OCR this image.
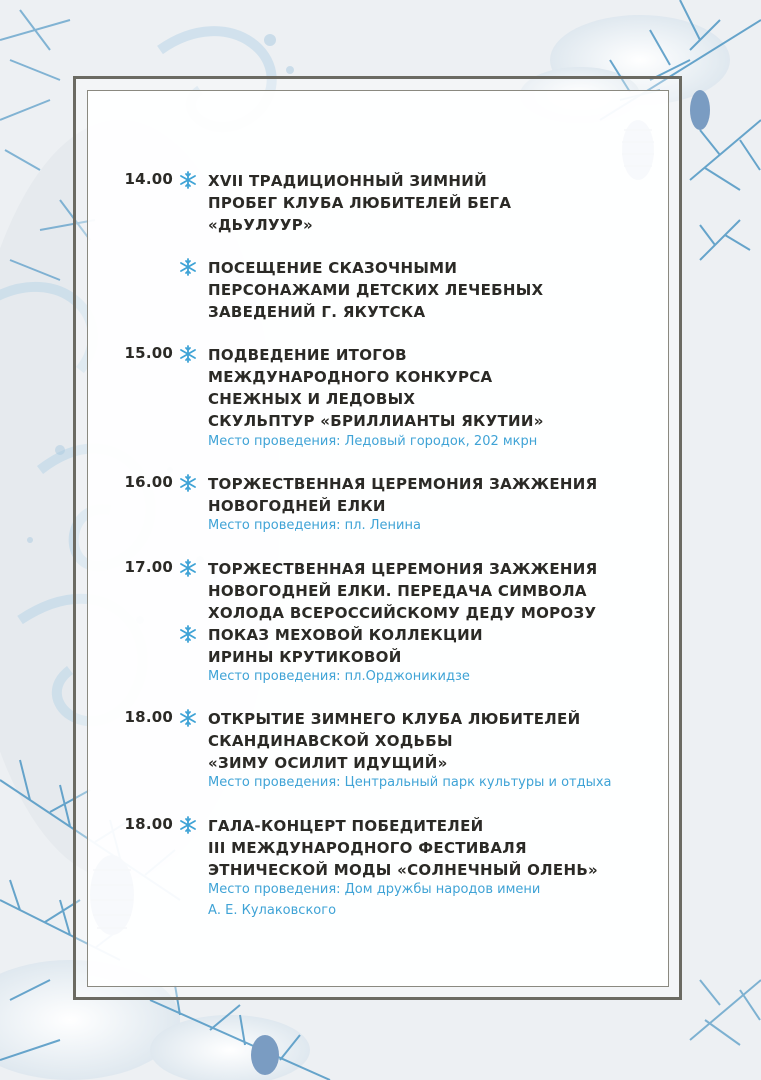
14.00 XVII ТРАДИЦИОННЫЙ ЗИМНИЙ
ПРОБЕГ КЛУБА ЛЮБИТЕЛЕЙ БЕГА
«ДЬУЛУУР»
ПОСЕЩЕНИЕ СКАЗОЧНЫМИ
ПЕРСОНАЖАМИ ДЕТСКИХ ЛЕЧЕБНЫХ
ЗАВЕДЕНИЙ Г. ЯКУТСКА
15.00 ПОДВЕДЕНИЕ ИТОГОВ
МЕЖДУНАРОДНОГО КОНКУРСА
СНЕЖНЫХ И ЛЕДОВЫХ
СКУЛЬПТУР «БРИЛЛИАНТЫ ЯКУТИИ»
Место проведения: Ледовый городок, 202 мкрн
16.00 ТОРЖЕСТВЕННАЯ ЦЕРЕМОНИЯ ЗАЖЖЕНИЯ
НОВОГОДНЕЙ ЕЛКИ
Место проведения: пл. Ленина
17.00 ТОРЖЕСТВЕННАЯ ЦЕРЕМОНИЯ ЗАЖЖЕНИЯ
НОВОГОДНЕЙ ЕЛКИ. ПЕРЕДАЧА СИМВОЛА
ХОЛОДА ВСЕРОССИЙСКОМУ ДЕДУ МОРОЗУ
ПОКАЗ МЕХОВОЙ КОЛЛЕКЦИИ
ИРИНЫ КРУТИКОВОЙ
Место проведения: пл.Орджоникидзе
18.00 ОТКРЫТИЕ ЗИМНЕГО КЛУБА ЛЮБИТЕЛЕЙ
СКАНДИНАВСКОЙ ХОДЬБЫ
«ЗИМУ ОСИЛИТ ИДУЩИЙ»
Место проведения: Центральный парк культуры и отдыха
18.00 ГАЛА-КОНЦЕРТ ПОБЕДИТЕЛЕЙ
III МЕЖДУНАРОДНОГО ФЕСТИВАЛЯ
ЭТНИЧЕСКОЙ МОДЫ «СОЛНЕЧНЫЙ ОЛЕНЬ»
Место проведения: Дом дружбы народов имени
А. Е. Кулаковского
